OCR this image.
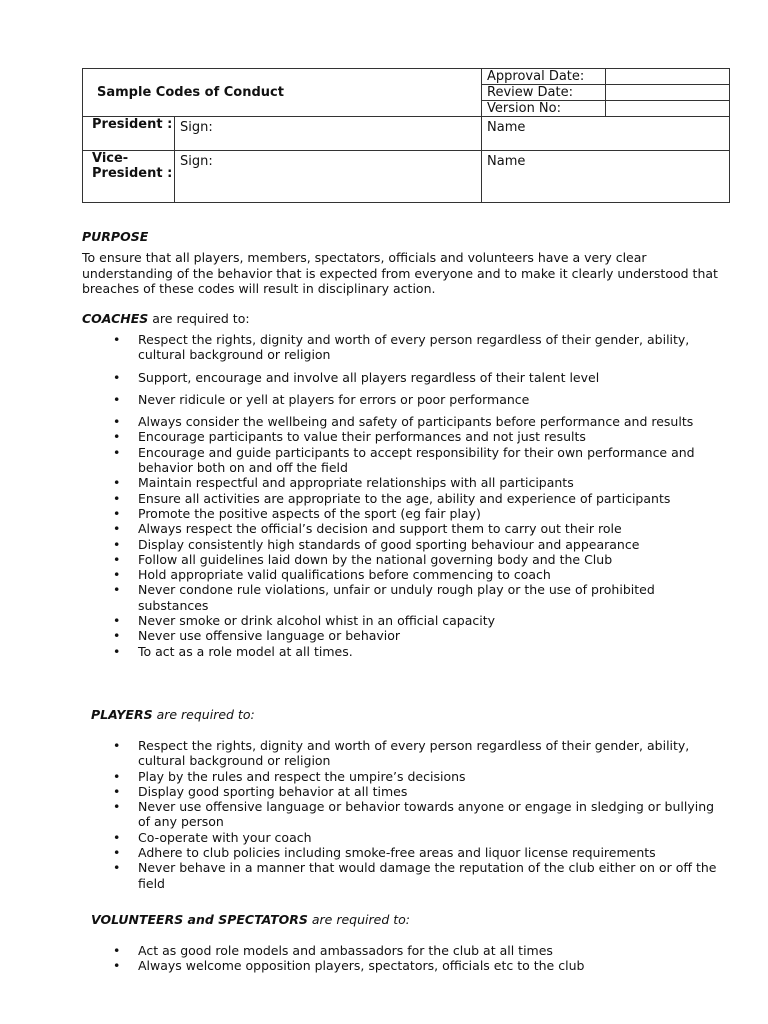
Sample Codes of Conduct		Approval Date:	
		Review Date:	
		Version No:	
President :	Sign:	Name	
Vice-President :	Sign:	Name	
PURPOSE
To ensure that all players, members, spectators, officials and volunteers have a very clear understanding of the behavior that is expected from everyone and to make it clearly understood that breaches of these codes will result in disciplinary action.
COACHES are required to:
• Respect the rights, dignity and worth of every person regardless of their gender, ability, cultural background or religion
• Support, encourage and involve all players regardless of their talent level
• Never ridicule or yell at players for errors or poor performance
• Always consider the wellbeing and safety of participants before performance and results
• Encourage participants to value their performances and not just results
• Encourage and guide participants to accept responsibility for their own performance and behavior both on and off the field
• Maintain respectful and appropriate relationships with all participants
• Ensure all activities are appropriate to the age, ability and experience of participants
• Promote the positive aspects of the sport (eg fair play)
• Always respect the official’s decision and support them to carry out their role
• Display consistently high standards of good sporting behaviour and appearance
• Follow all guidelines laid down by the national governing body and the Club
• Hold appropriate valid qualifications before commencing to coach
• Never condone rule violations, unfair or unduly rough play or the use of prohibited substances
• Never smoke or drink alcohol whist in an official capacity
• Never use offensive language or behavior
• To act as a role model at all times.
PLAYERS are required to:
• Respect the rights, dignity and worth of every person regardless of their gender, ability, cultural background or religion
• Play by the rules and respect the umpire’s decisions
• Display good sporting behavior at all times
• Never use offensive language or behavior towards anyone or engage in sledging or bullying of any person
• Co-operate with your coach
• Adhere to club policies including smoke-free areas and liquor license requirements
• Never behave in a manner that would damage the reputation of the club either on or off the field
VOLUNTEERS and SPECTATORS are required to:
• Act as good role models and ambassadors for the club at all times
• Always welcome opposition players, spectators, officials etc to the club
